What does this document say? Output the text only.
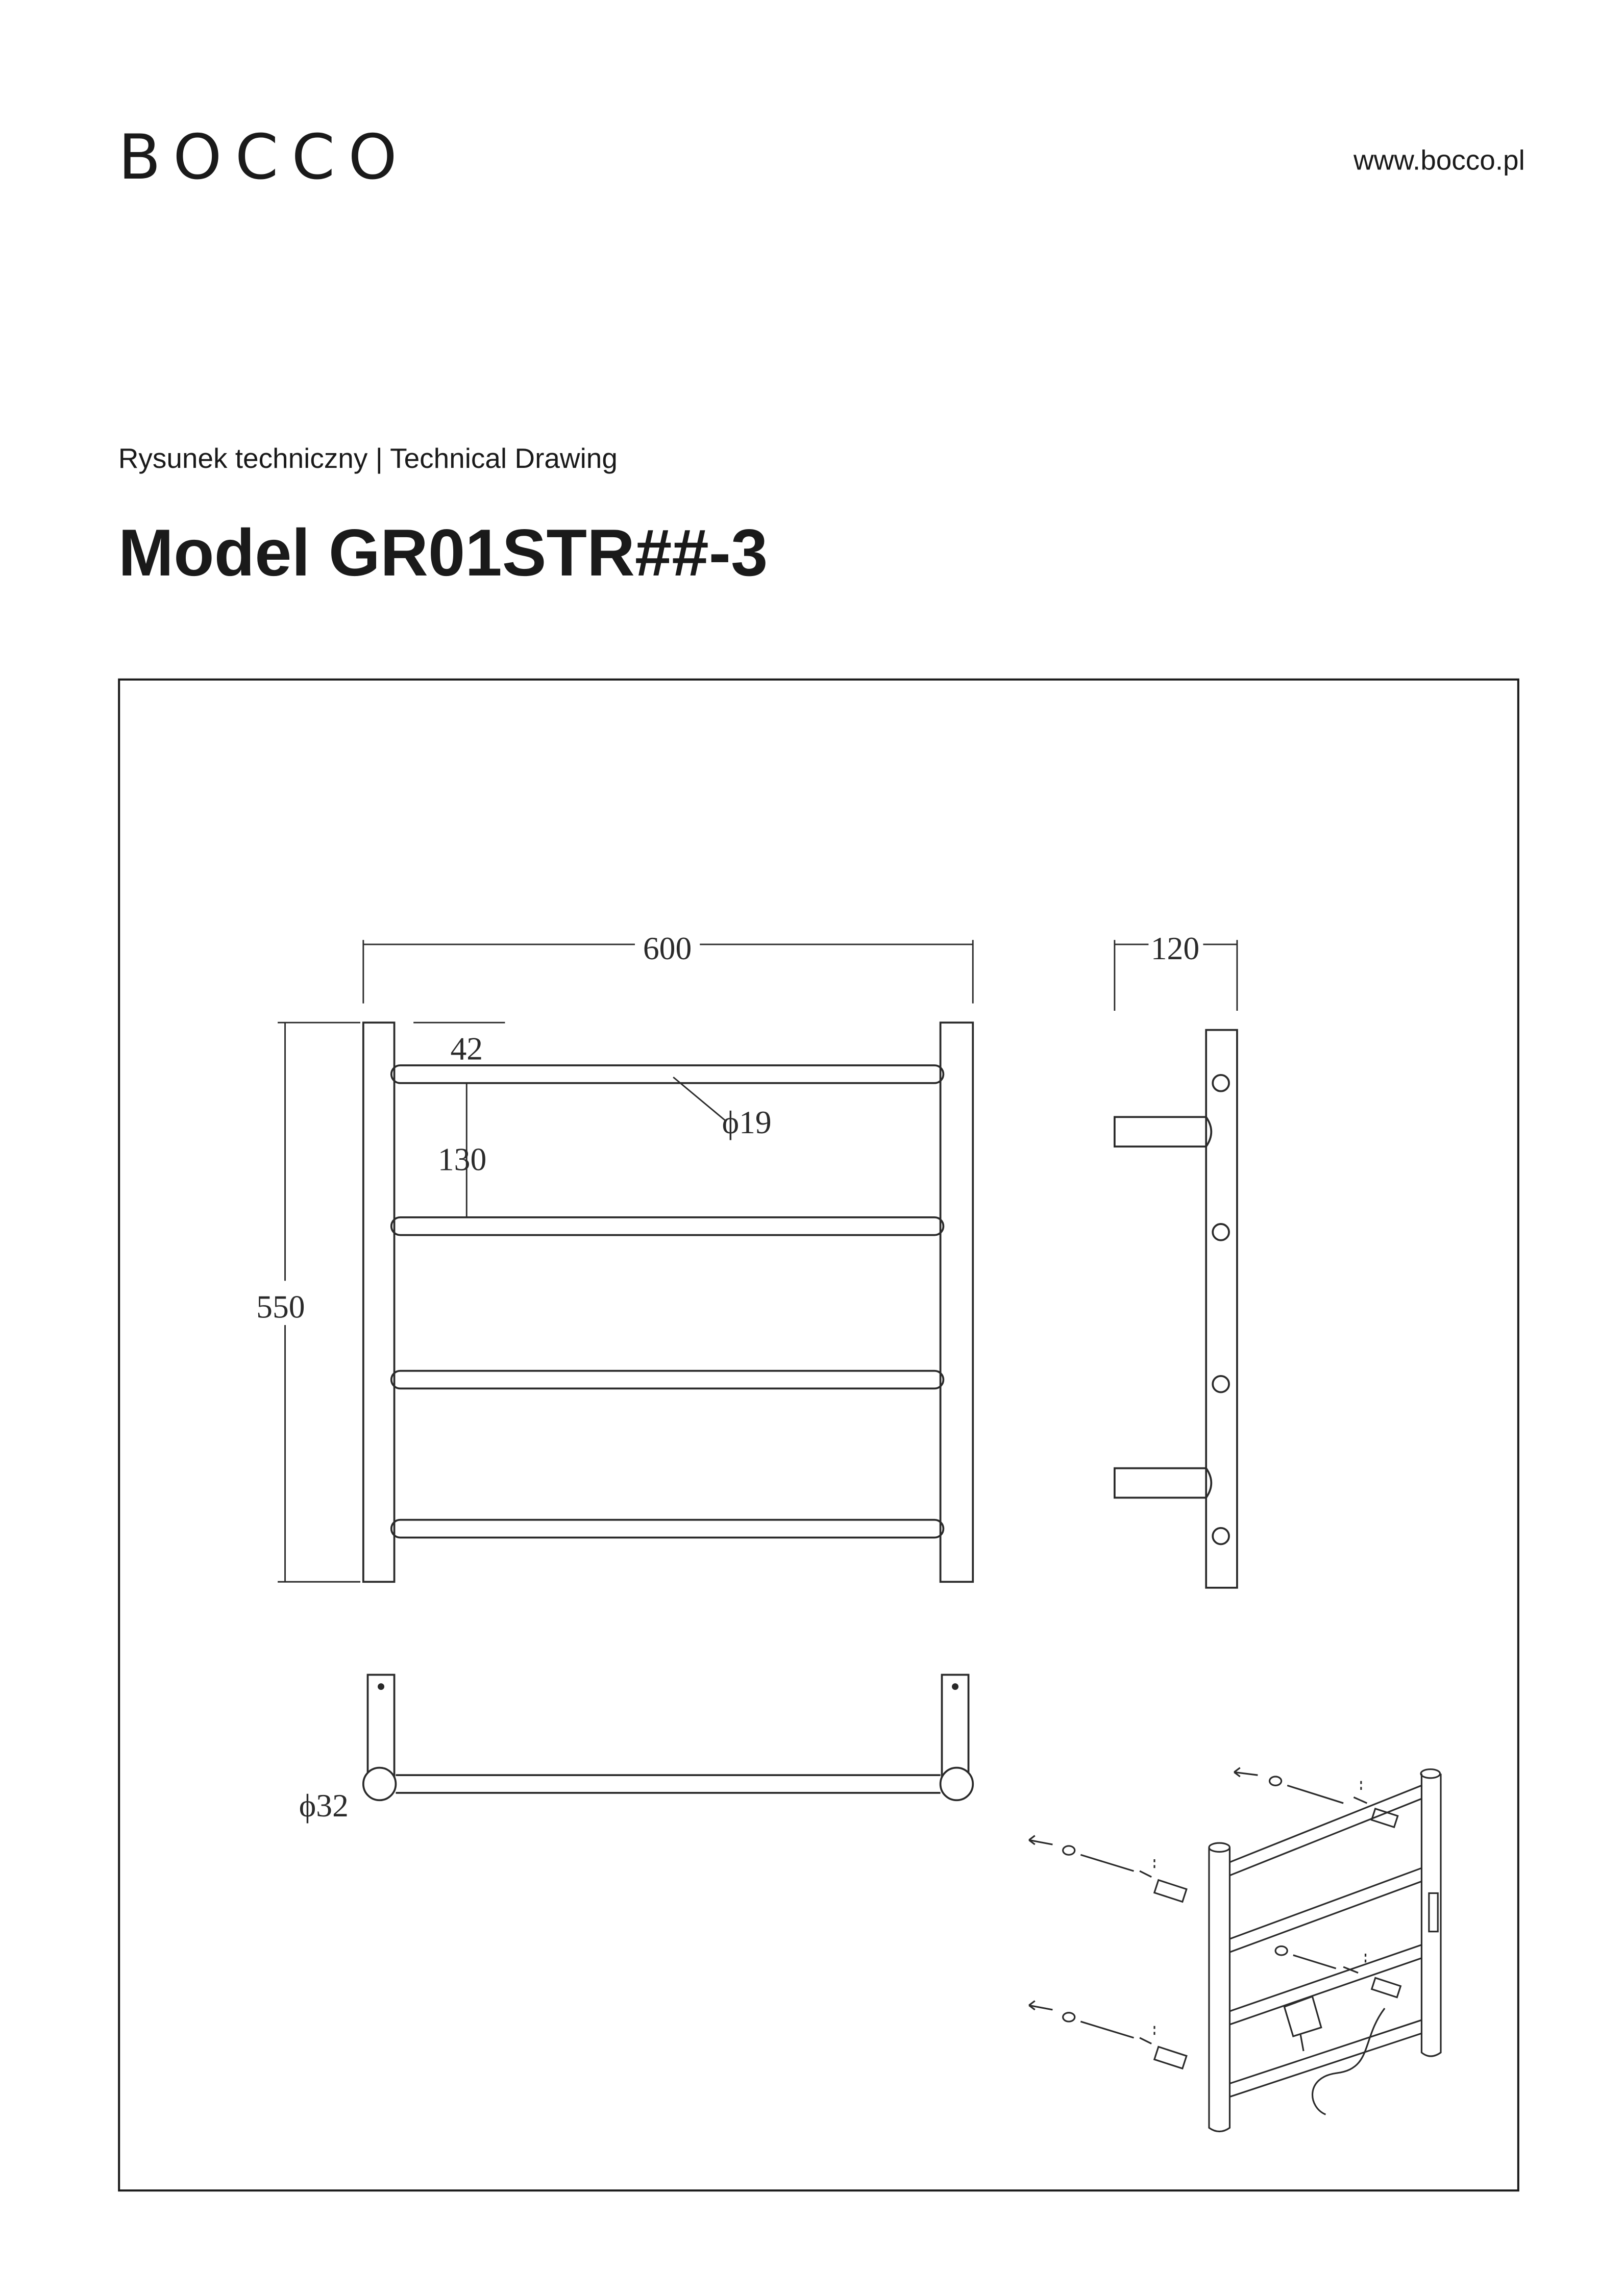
BOCCO	www.bocco.pl
Rysunek techniczny | Technical Drawing
Model GR01STR##-3
600
550
42
130
ϕ19
120
ϕ32
